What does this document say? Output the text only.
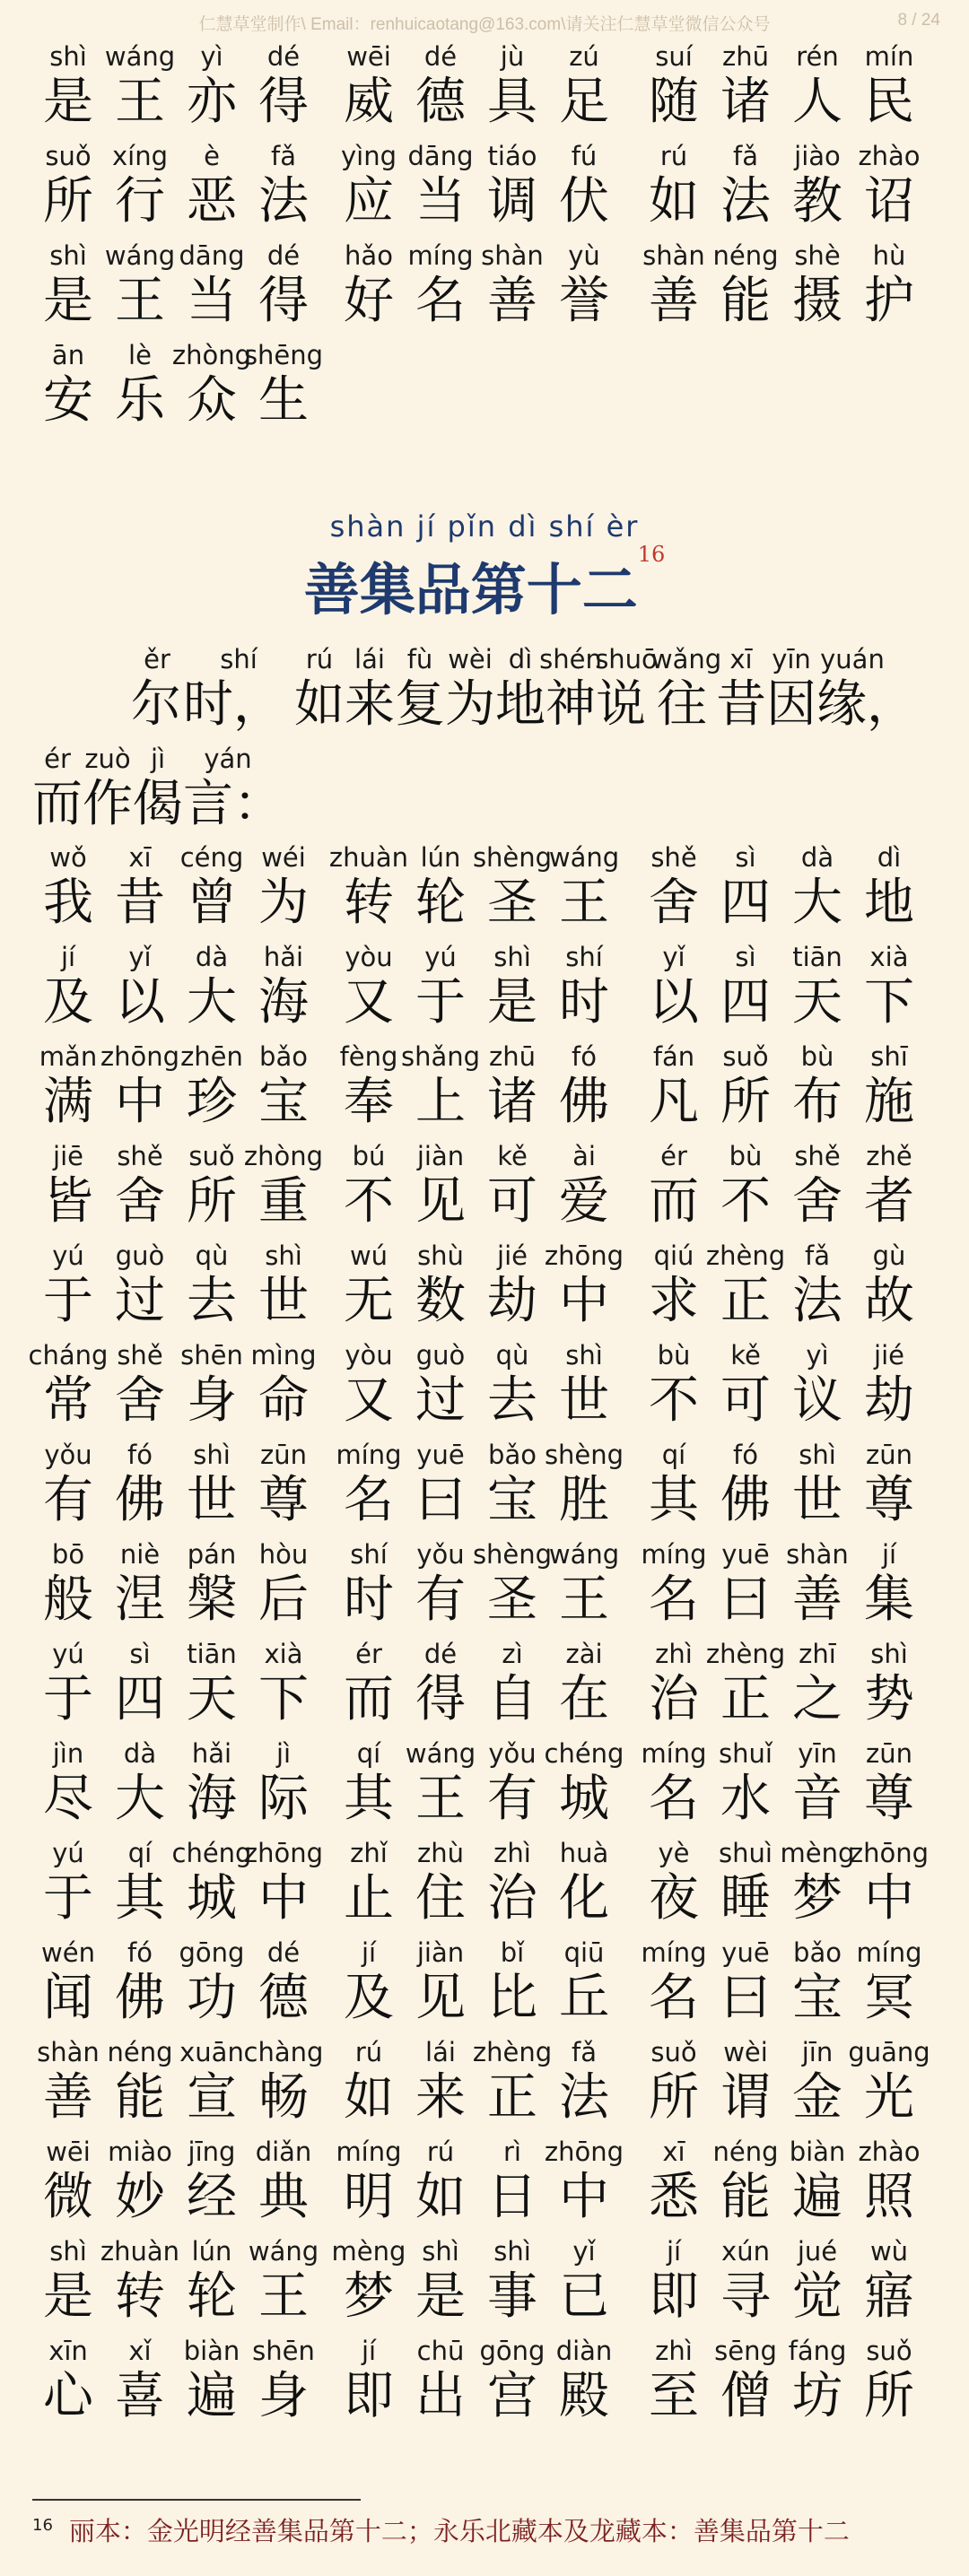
仁慧草堂制作\ Email：renhuicaotang@163.com\请关注仁慧草堂微信公众号	8 / 24
shì
是
wáng
王
yì
亦
dé
得
wēi
威
dé
德
jù
具
zú
足
suí
随
zhū
诸
rén
人
mín
民
suǒ
所
xíng
行
è
恶
fǎ
法
yìng
应
dāng
当
tiáo
调
fú
伏
rú
如
fǎ
法
jiào
教
zhào
诏
shì
是
wáng
王
dāng
当
dé
得
hǎo
好
míng
名
shàn
善
yù
誉
shàn
善
néng
能
shè
摄
hù
护
ān
安
lè
乐
zhòng
众
shēng
生
shàn jí pǐn dì shí èr
善集品第十二$^{16}$
ěr
尔
shí
时，
rú
如
lái
来
fù
复
wèi
为
dì
地
shén
神
shuō
说
wǎng
往
xī
昔
yīn
因
yuán
缘，
ér
而
zuò
作
jì
偈
yán
言：
wǒ
我
xī
昔
céng
曾
wéi
为
zhuàn
转
lún
轮
shèng
圣
wáng
王
shě
舍
sì
四
dà
大
dì
地
jí
及
yǐ
以
dà
大
hǎi
海
yòu
又
yú
于
shì
是
shí
时
yǐ
以
sì
四
tiān
天
xià
下
mǎn
满
zhōng
中
zhēn
珍
bǎo
宝
fèng
奉
shǎng
上
zhū
诸
fó
佛
fán
凡
suǒ
所
bù
布
shī
施
jiē
皆
shě
舍
suǒ
所
zhòng
重
bú
不
jiàn
见
kě
可
ài
爱
ér
而
bù
不
shě
舍
zhě
者
yú
于
guò
过
qù
去
shì
世
wú
无
shù
数
jié
劫
zhōng
中
qiú
求
zhèng
正
fǎ
法
gù
故
cháng
常
shě
舍
shēn
身
mìng
命
yòu
又
guò
过
qù
去
shì
世
bù
不
kě
可
yì
议
jié
劫
yǒu
有
fó
佛
shì
世
zūn
尊
míng
名
yuē
曰
bǎo
宝
shèng
胜
qí
其
fó
佛
shì
世
zūn
尊
bō
般
niè
涅
pán
槃
hòu
后
shí
时
yǒu
有
shèng
圣
wáng
王
míng
名
yuē
曰
shàn
善
jí
集
yú
于
sì
四
tiān
天
xià
下
ér
而
dé
得
zì
自
zài
在
zhì
治
zhèng
正
zhī
之
shì
势
jìn
尽
dà
大
hǎi
海
jì
际
qí
其
wáng
王
yǒu
有
chéng
城
míng
名
shuǐ
水
yīn
音
zūn
尊
yú
于
qí
其
chéng
城
zhōng
中
zhǐ
止
zhù
住
zhì
治
huà
化
yè
夜
shuì
睡
mèng
梦
zhōng
中
wén
闻
fó
佛
gōng
功
dé
德
jí
及
jiàn
见
bǐ
比
qiū
丘
míng
名
yuē
曰
bǎo
宝
míng
冥
shàn
善
néng
能
xuān
宣
chàng
畅
rú
如
lái
来
zhèng
正
fǎ
法
suǒ
所
wèi
谓
jīn
金
guāng
光
wēi
微
miào
妙
jīng
经
diǎn
典
míng
明
rú
如
rì
日
zhōng
中
xī
悉
néng
能
biàn
遍
zhào
照
shì
是
zhuàn
转
lún
轮
wáng
王
mèng
梦
shì
是
shì
事
yǐ
已
jí
即
xún
寻
jué
觉
wù
寤
xīn
心
xǐ
喜
biàn
遍
shēn
身
jí
即
chū
出
gōng
宫
diàn
殿
zhì
至
sēng
僧
fáng
坊
suǒ
所
$^{16}$ 丽本：金光明经善集品第十二；永乐北藏本及龙藏本：善集品第十二
